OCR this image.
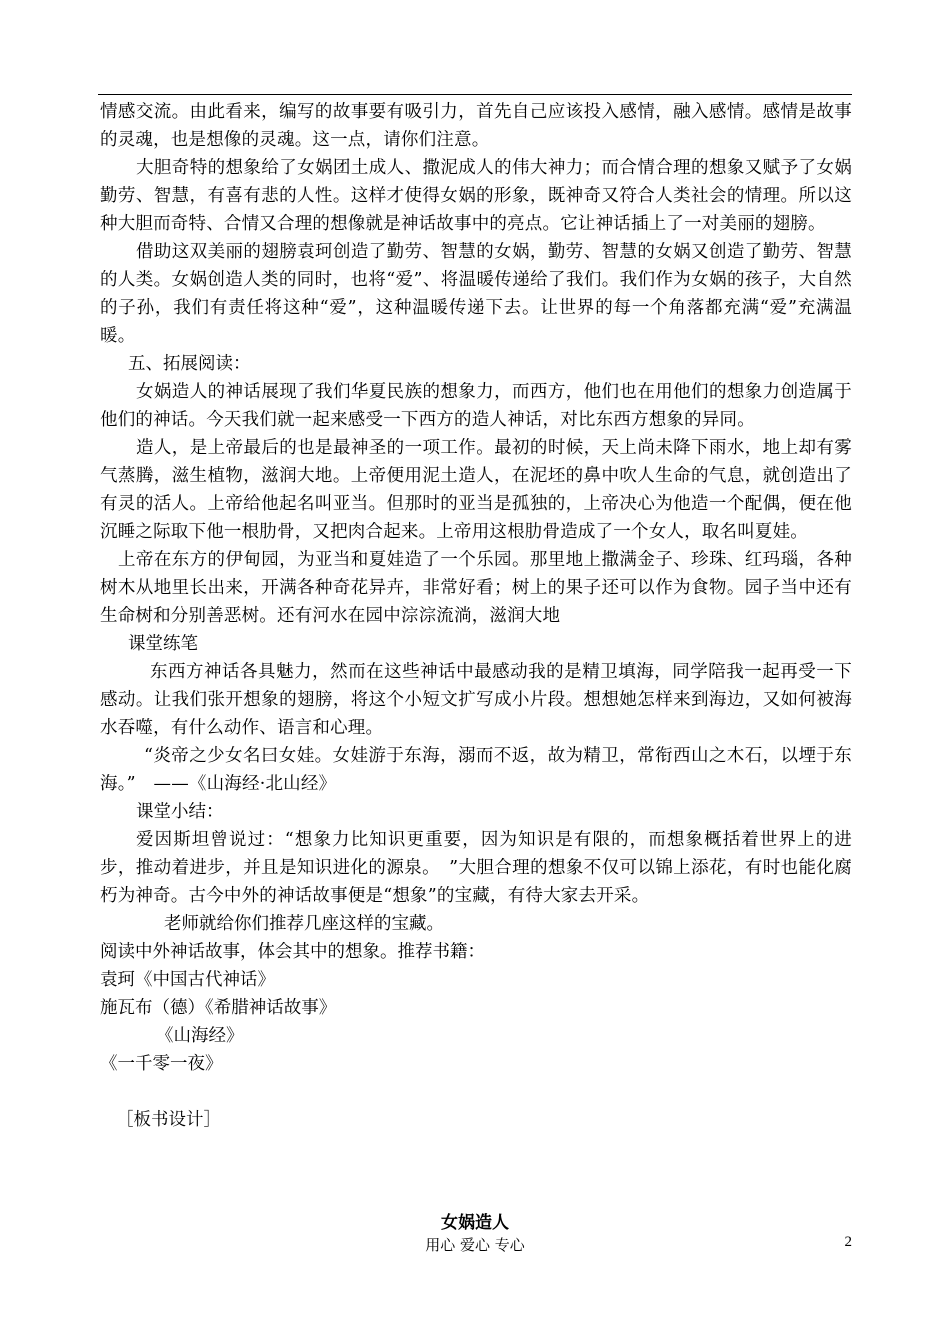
情感交流。由此看来，编写的故事要有吸引力，首先自己应该投入感情，融入感情。感情是故事的灵魂，也是想像的灵魂。这一点，请你们注意。

大胆奇特的想象给了女娲团土成人、撒泥成人的伟大神力；而合情合理的想象又赋予了女娲勤劳、智慧，有喜有悲的人性。这样才使得女娲的形象，既神奇又符合人类社会的情理。所以这种大胆而奇特、合情又合理的想像就是神话故事中的亮点。它让神话插上了一对美丽的翅膀。

借助这双美丽的翅膀袁珂创造了勤劳、智慧的女娲，勤劳、智慧的女娲又创造了勤劳、智慧的人类。女娲创造人类的同时，也将“爱”、将温暖传递给了我们。我们作为女娲的孩子，大自然的子孙，我们有责任将这种“爱”，这种温暖传递下去。让世界的每一个角落都充满“爱”充满温暖。

五、拓展阅读：

女娲造人的神话展现了我们华夏民族的想象力，而西方，他们也在用他们的想象力创造属于他们的神话。今天我们就一起来感受一下西方的造人神话，对比东西方想象的异同。

造人，是上帝最后的也是最神圣的一项工作。最初的时候，天上尚未降下雨水，地上却有雾气蒸腾，滋生植物，滋润大地。上帝便用泥土造人，在泥坯的鼻中吹人生命的气息，就创造出了有灵的活人。上帝给他起名叫亚当。但那时的亚当是孤独的，上帝决心为他造一个配偶，便在他沉睡之际取下他一根肋骨，又把肉合起来。上帝用这根肋骨造成了一个女人，取名叫夏娃。

上帝在东方的伊甸园，为亚当和夏娃造了一个乐园。那里地上撒满金子、珍珠、红玛瑙，各种树木从地里长出来，开满各种奇花异卉，非常好看；树上的果子还可以作为食物。园子当中还有生命树和分别善恶树。还有河水在园中淙淙流淌，滋润大地

课堂练笔

东西方神话各具魅力，然而在这些神话中最感动我的是精卫填海，同学陪我一起再受一下感动。让我们张开想象的翅膀，将这个小短文扩写成小片段。想想她怎样来到海边，又如何被海水吞噬，有什么动作、语言和心理。

“炎帝之少女名曰女娃。女娃游于东海，溺而不返，故为精卫，常衔西山之木石，以堙于东海。”　——《山海经·北山经》

课堂小结：

爱因斯坦曾说过：“想象力比知识更重要，因为知识是有限的，而想象概括着世界上的进步，推动着进步，并且是知识进化的源泉。　”大胆合理的想象不仅可以锦上添花，有时也能化腐朽为神奇。古今中外的神话故事便是“想象”的宝藏，有待大家去开采。

老师就给你们推荐几座这样的宝藏。

阅读中外神话故事，体会其中的想象。推荐书籍：

袁珂《中国古代神话》

施瓦布（德）《希腊神话故事》

《山海经》

《一千零一夜》

［板书设计］

女娲造人
用心 爱心 专心	2
